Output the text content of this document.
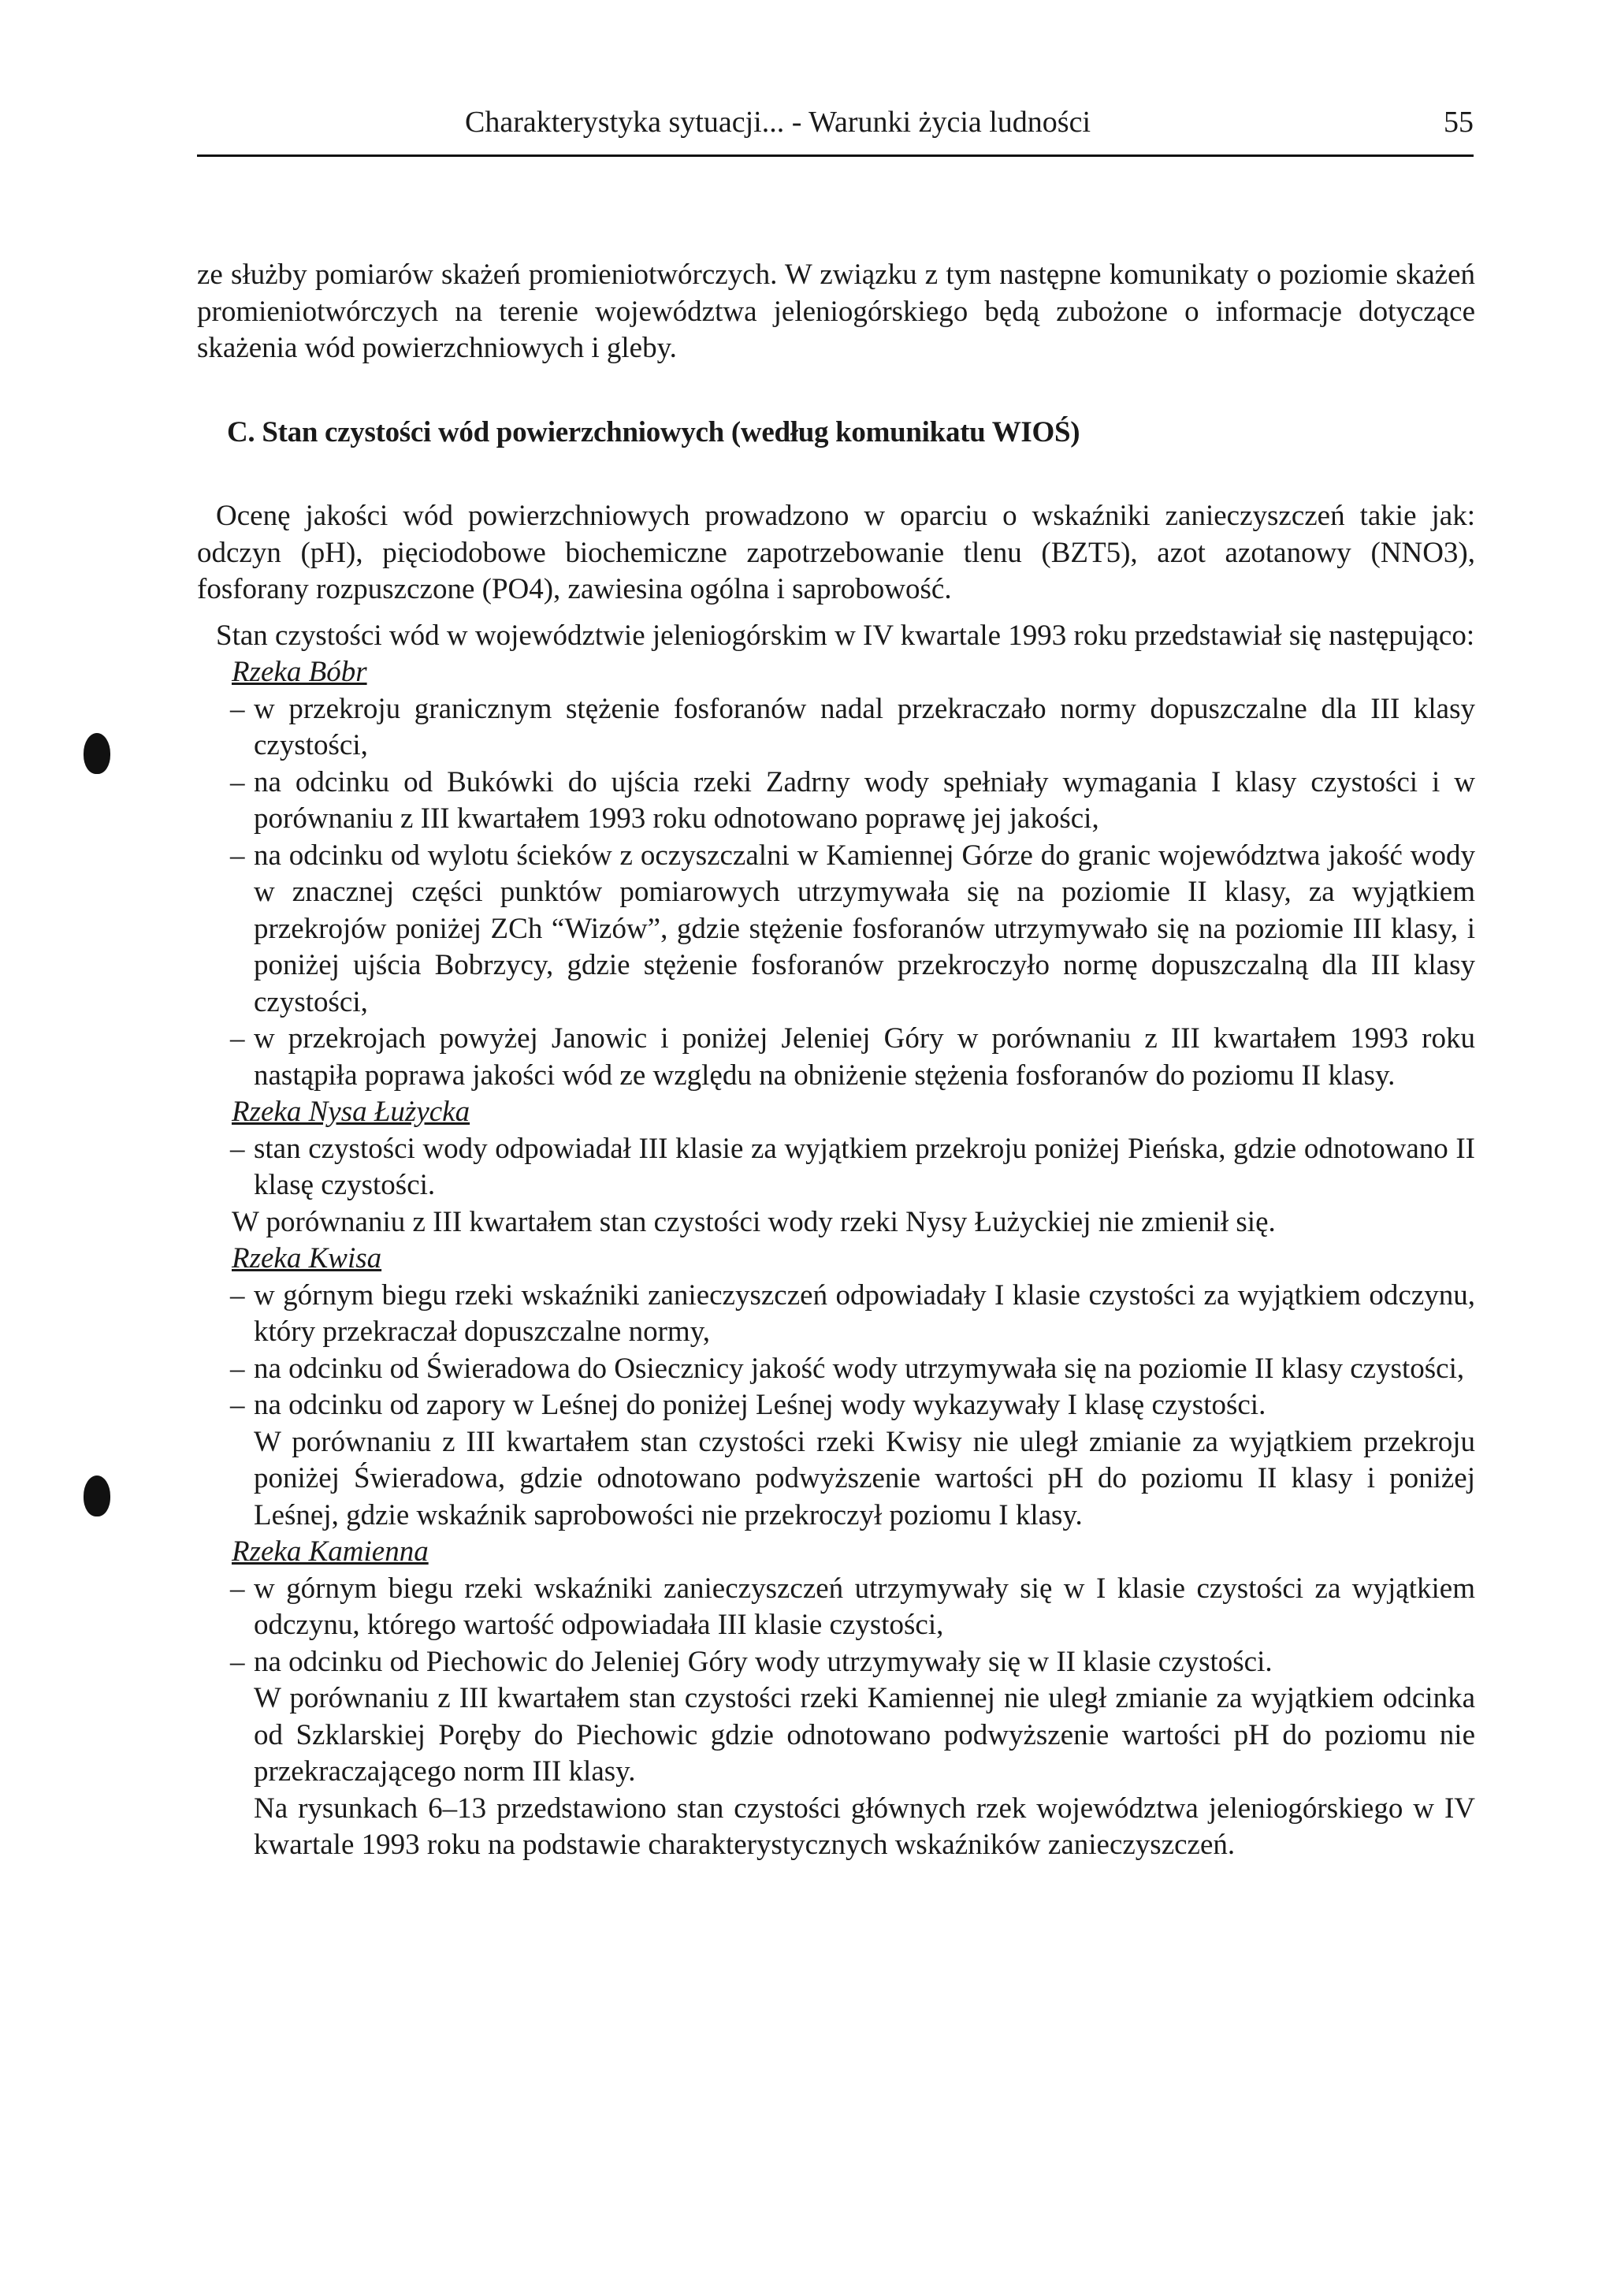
Charakterystyka sytuacji... - Warunki życia ludności	55

ze służby pomiarów skażeń promieniotwórczych. W związku z tym następne komunikaty o poziomie skażeń promieniotwórczych na terenie województwa jeleniogórskiego będą zubożone o informacje dotyczące skażenia wód powierzchniowych i gleby.

C. Stan czystości wód powierzchniowych (według komunikatu WIOŚ)

Ocenę jakości wód powierzchniowych prowadzono w oparciu o wskaźniki zanieczyszczeń takie jak: odczyn (pH), pięciodobowe biochemiczne zapotrzebowanie tlenu (BZT5), azot azotanowy (NNO3), fosforany rozpuszczone (PO4), zawiesina ogólna i saprobowość.

Stan czystości wód w województwie jeleniogórskim w IV kwartale 1993 roku przedstawiał się następująco:

Rzeka Bóbr

– w przekroju granicznym stężenie fosforanów nadal przekraczało normy dopuszczalne dla III klasy czystości,
– na odcinku od Bukówki do ujścia rzeki Zadrny wody spełniały wymagania I klasy czystości i w porównaniu z III kwartałem 1993 roku odnotowano poprawę jej jakości,
– na odcinku od wylotu ścieków z oczyszczalni w Kamiennej Górze do granic województwa jakość wody w znacznej części punktów pomiarowych utrzymywała się na poziomie II klasy, za wyjątkiem przekrojów poniżej ZCh “Wizów”, gdzie stężenie fosforanów utrzymywało się na poziomie III klasy, i poniżej ujścia Bobrzycy, gdzie stężenie fosforanów przekroczyło normę dopuszczalną dla III klasy czystości,
– w przekrojach powyżej Janowic i poniżej Jeleniej Góry w porównaniu z III kwartałem 1993 roku nastąpiła poprawa jakości wód ze względu na obniżenie stężenia fosforanów do poziomu II klasy.

Rzeka Nysa Łużycka

– stan czystości wody odpowiadał III klasie za wyjątkiem przekroju poniżej Pieńska, gdzie odnotowano II klasę czystości.

W porównaniu z III kwartałem stan czystości wody rzeki Nysy Łużyckiej nie zmienił się.

Rzeka Kwisa

– w górnym biegu rzeki wskaźniki zanieczyszczeń odpowiadały I klasie czystości za wyjątkiem odczynu, który przekraczał dopuszczalne normy,
– na odcinku od Świeradowa do Osiecznicy jakość wody utrzymywała się na poziomie II klasy czystości,
– na odcinku od zapory w Leśnej do poniżej Leśnej wody wykazywały I klasę czystości.

W porównaniu z III kwartałem stan czystości rzeki Kwisy nie uległ zmianie za wyjątkiem przekroju poniżej Świeradowa, gdzie odnotowano podwyższenie wartości pH do poziomu II klasy i poniżej Leśnej, gdzie wskaźnik saprobowości nie przekroczył poziomu I klasy.

Rzeka Kamienna

– w górnym biegu rzeki wskaźniki zanieczyszczeń utrzymywały się w I klasie czystości za wyjątkiem odczynu, którego wartość odpowiadała III klasie czystości,
– na odcinku od Piechowic do Jeleniej Góry wody utrzymywały się w II klasie czystości.

W porównaniu z III kwartałem stan czystości rzeki Kamiennej nie uległ zmianie za wyjątkiem odcinka od Szklarskiej Poręby do Piechowic gdzie odnotowano podwyższenie wartości pH do poziomu nie przekraczającego norm III klasy.

Na rysunkach 6–13 przedstawiono stan czystości głównych rzek województwa jeleniogórskiego w IV kwartale 1993 roku na podstawie charakterystycznych wskaźników zanieczyszczeń.
